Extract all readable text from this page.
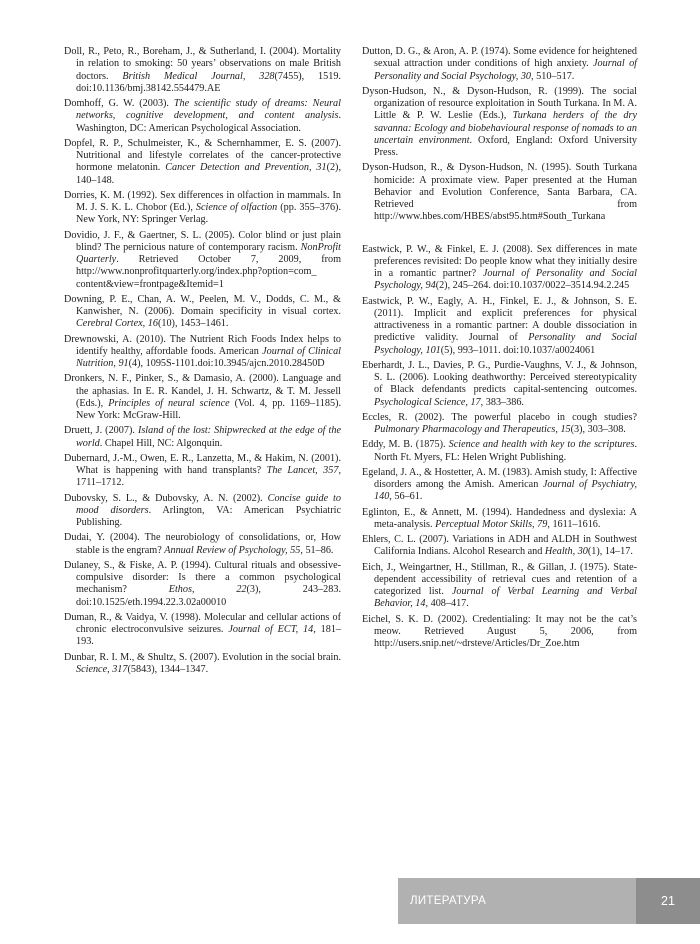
Doll, R., Peto, R., Boreham, J., & Sutherland, I. (2004). Mortality in relation to smoking: 50 years’ observations on male British doctors. British Medical Journal, 328(7455), 1519. doi:10.1136/bmj.38142.554479.AE

Domhoff, G. W. (2003). The scientific study of dreams: Neural networks, cognitive development, and content analysis. Washington, DC: American Psychological Association.

Dopfel, R. P., Schulmeister, K., & Schernhammer, E. S. (2007). Nutritional and lifestyle correlates of the cancer-protective hormone melatonin. Cancer Detection and Prevention, 31(2), 140–148.

Dorries, K. M. (1992). Sex differences in olfaction in mammals. In M. J. S. K. L. Chobor (Ed.), Science of olfaction (pp. 355–376). New York, NY: Springer Verlag.

Dovidio, J. F., & Gaertner, S. L. (2005). Color blind or just plain blind? The pernicious nature of contemporary racism. NonProfit Quarterly. Retrieved October 7, 2009, from http://www.nonprofitquarterly.org/index.php?option=com_ content&view=frontpage&Itemid=1

Downing, P. E., Chan, A. W., Peelen, M. V., Dodds, C. M., & Kanwisher, N. (2006). Domain specificity in visual cortex. Cerebral Cortex, 16(10), 1453–1461.

Drewnowski, A. (2010). The Nutrient Rich Foods Index helps to identify healthy, affordable foods. American Journal of Clinical Nutrition, 91(4), 1095S-1101.doi:10.3945/ajcn.2010.28450D

Dronkers, N. F., Pinker, S., & Damasio, A. (2000). Language and the aphasias. In E. R. Kandel, J. H. Schwartz, & T. M. Jessell (Eds.), Principles of neural science (Vol. 4, pp. 1169–1185). New York: McGraw-Hill.

Druett, J. (2007). Island of the lost: Shipwrecked at the edge of the world. Chapel Hill, NC: Algonquin.

Dubernard, J.-M., Owen, E. R., Lanzetta, M., & Hakim, N. (2001). What is happening with hand transplants? The Lancet, 357, 1711–1712.

Dubovsky, S. L., & Dubovsky, A. N. (2002). Concise guide to mood disorders. Arlington, VA: American Psychiatric Publishing.

Dudai, Y. (2004). The neurobiology of consolidations, or, How stable is the engram? Annual Review of Psychology, 55, 51–86.

Dulaney, S., & Fiske, A. P. (1994). Cultural rituals and obsessive-compulsive disorder: Is there a common psychological mechanism? Ethos, 22(3), 243–283. doi:10.1525/eth.1994.22.3.02a00010

Duman, R., & Vaidya, V. (1998). Molecular and cellular actions of chronic electroconvulsive seizures. Journal of ECT, 14, 181–193.

Dunbar, R. I. M., & Shultz, S. (2007). Evolution in the social brain. Science, 317(5843), 1344–1347.

Dutton, D. G., & Aron, A. P. (1974). Some evidence for heightened sexual attraction under conditions of high anxiety. Journal of Personality and Social Psychology, 30, 510–517.

Dyson-Hudson, N., & Dyson-Hudson, R. (1999). The social organization of resource exploitation in South Turkana. In M. A. Little & P. W. Leslie (Eds.), Turkana herders of the dry savanna: Ecology and biobehavioural response of nomads to an uncertain environment. Oxford, England: Oxford University Press.

Dyson-Hudson, R., & Dyson-Hudson, N. (1995). South Turkana homicide: A proximate view. Paper presented at the Human Behavior and Evolution Conference, Santa Barbara, CA. Retrieved from http://www.hbes.com/HBES/abst95.htm#South_Turkana

Eastwick, P. W., & Finkel, E. J. (2008). Sex differences in mate preferences revisited: Do people know what they initially desire in a romantic partner? Journal of Personality and Social Psychology, 94(2), 245–264. doi:10.1037/0022–3514.94.2.245

Eastwick, P. W., Eagly, A. H., Finkel, E. J., & Johnson, S. E. (2011). Implicit and explicit preferences for physical attractiveness in a romantic partner: A double dissociation in predictive validity. Journal of Personality and Social Psychology, 101(5), 993–1011. doi:10.1037/a0024061

Eberhardt, J. L., Davies, P. G., Purdie-Vaughns, V. J., & Johnson, S. L. (2006). Looking deathworthy: Perceived stereotypicality of Black defendants predicts capital-sentencing outcomes. Psychological Science, 17, 383–386.

Eccles, R. (2002). The powerful placebo in cough studies? Pulmonary Pharmacology and Therapeutics, 15(3), 303–308.

Eddy, M. B. (1875). Science and health with key to the scriptures. North Ft. Myers, FL: Helen Wright Publishing.

Egeland, J. A., & Hostetter, A. M. (1983). Amish study, I: Affective disorders among the Amish. American Journal of Psychiatry, 140, 56–61.

Eglinton, E., & Annett, M. (1994). Handedness and dyslexia: A meta-analysis. Perceptual Motor Skills, 79, 1611–1616.

Ehlers, C. L. (2007). Variations in ADH and ALDH in Southwest California Indians. Alcohol Research and Health, 30(1), 14–17.

Eich, J., Weingartner, H., Stillman, R., & Gillan, J. (1975). State-dependent accessibility of retrieval cues and retention of a categorized list. Journal of Verbal Learning and Verbal Behavior, 14, 408–417.

Eichel, S. K. D. (2002). Credentialing: It may not be the cat’s meow. Retrieved August 5, 2006, from http://users.snip.net/~drsteve/Articles/Dr_Zoe.htm

ЛИТЕРАТУРА	21
